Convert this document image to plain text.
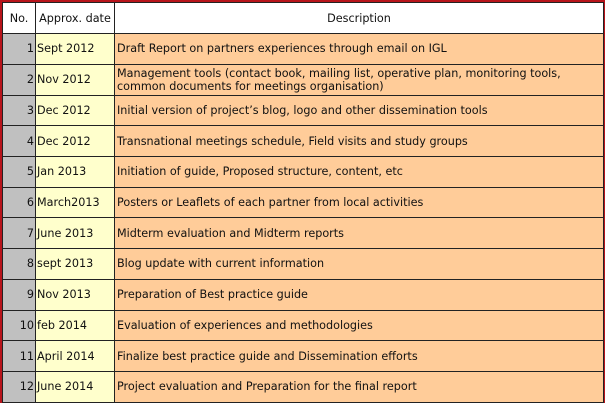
No.	Approx. date	Description
1	Sept 2012	Draft Report on partners experiences through email on IGL
2	Nov 2012	Management tools (contact book, mailing list, operative plan, monitoring tools, common documents for meetings organisation)
3	Dec 2012	Initial version of project’s blog, logo and other dissemination tools
4	Dec 2012	Transnational meetings schedule, Field visits and study groups
5	Jan 2013	Initiation of guide, Proposed structure, content, etc
6	March2013	Posters or Leaflets of each partner from local activities
7	June 2013	Midterm evaluation and Midterm reports
8	sept 2013	Blog update with current information
9	Nov 2013	Preparation of Best practice guide
10	feb 2014	Evaluation of experiences and methodologies
11	April 2014	Finalize best practice guide and Dissemination efforts
12	June 2014	Project evaluation and Preparation for the final report
